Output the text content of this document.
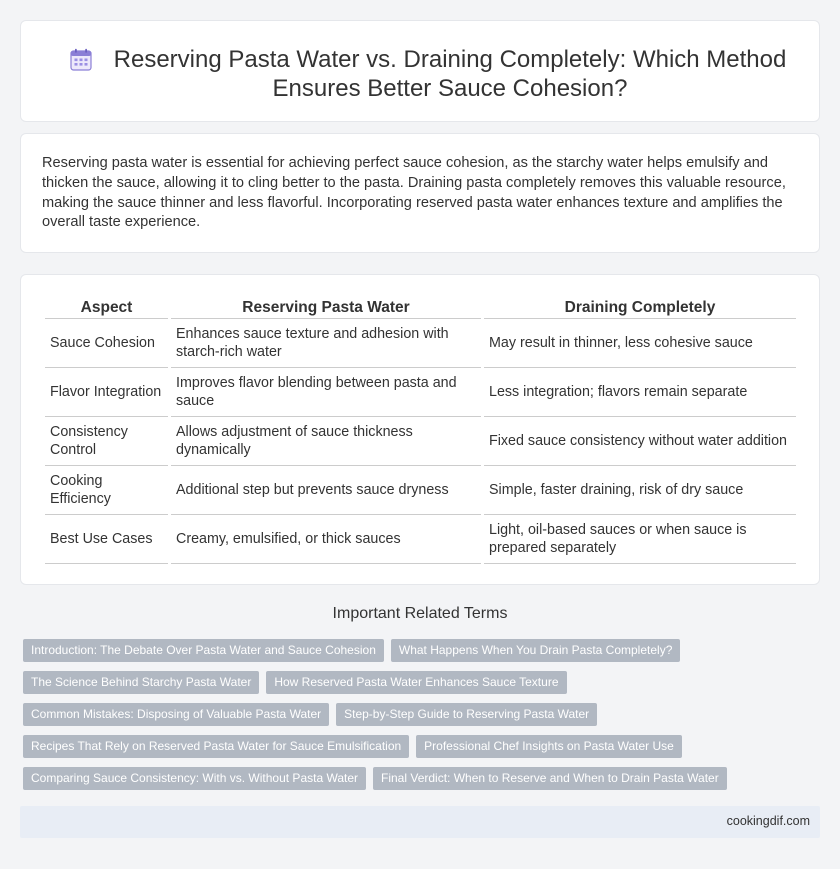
Reserving Pasta Water vs. Draining Completely: Which Method Ensures Better Sauce Cohesion?

Reserving pasta water is essential for achieving perfect sauce cohesion, as the starchy water helps emulsify and thicken the sauce, allowing it to cling better to the pasta. Draining pasta completely removes this valuable resource, making the sauce thinner and less flavorful. Incorporating reserved pasta water enhances texture and amplifies the overall taste experience.

Aspect	Reserving Pasta Water	Draining Completely
Sauce Cohesion	Enhances sauce texture and adhesion with starch-rich water	May result in thinner, less cohesive sauce
Flavor Integration	Improves flavor blending between pasta and sauce	Less integration; flavors remain separate
Consistency Control	Allows adjustment of sauce thickness dynamically	Fixed sauce consistency without water addition
Cooking Efficiency	Additional step but prevents sauce dryness	Simple, faster draining, risk of dry sauce
Best Use Cases	Creamy, emulsified, or thick sauces	Light, oil-based sauces or when sauce is prepared separately
Important Related Terms
Introduction: The Debate Over Pasta Water and Sauce Cohesion	What Happens When You Drain Pasta Completely?
The Science Behind Starchy Pasta Water	How Reserved Pasta Water Enhances Sauce Texture
Common Mistakes: Disposing of Valuable Pasta Water	Step-by-Step Guide to Reserving Pasta Water
Recipes That Rely on Reserved Pasta Water for Sauce Emulsification	Professional Chef Insights on Pasta Water Use
Comparing Sauce Consistency: With vs. Without Pasta Water	Final Verdict: When to Reserve and When to Drain Pasta Water
cookingdif.com
